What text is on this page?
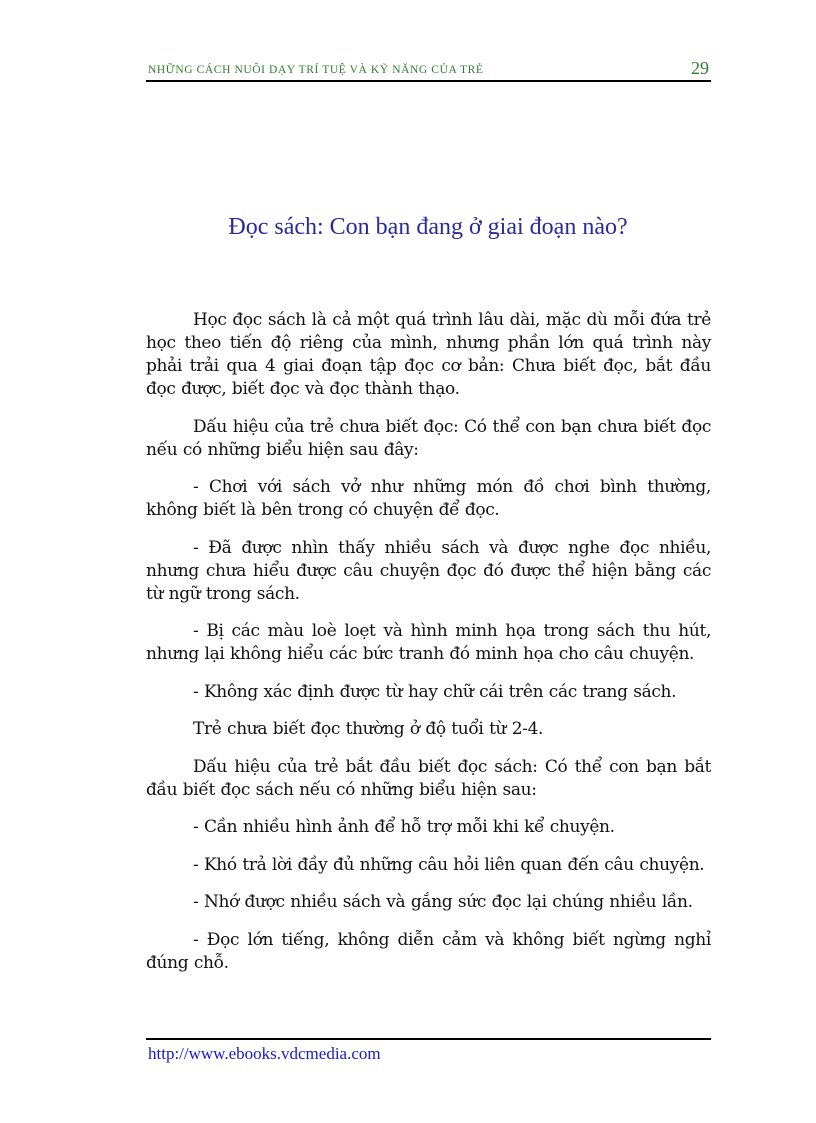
NHỮNG CÁCH NUÔI DẠY TRÍ TUỆ VÀ KỸ NĂNG CỦA TRẺ	29
Đọc sách: Con bạn đang ở giai đoạn nào?

Học đọc sách là cả một quá trình lâu dài, mặc dù mỗi đứa trẻ học theo tiến độ riêng của mình, nhưng phần lớn quá trình này phải trải qua 4 giai đoạn tập đọc cơ bản: Chưa biết đọc, bắt đầu đọc được, biết đọc và đọc thành thạo.

Dấu hiệu của trẻ chưa biết đọc: Có thể con bạn chưa biết đọc nếu có những biểu hiện sau đây:

- Chơi với sách vở như những món đồ chơi bình thường, không biết là bên trong có chuyện để đọc.

- Đã được nhìn thấy nhiều sách và được nghe đọc nhiều, nhưng chưa hiểu được câu chuyện đọc đó được thể hiện bằng các từ ngữ trong sách.

- Bị các màu loè loẹt và hình minh họa trong sách thu hút, nhưng lại không hiểu các bức tranh đó minh họa cho câu chuyện.

- Không xác định được từ hay chữ cái trên các trang sách.

Trẻ chưa biết đọc thường ở độ tuổi từ 2-4.

Dấu hiệu của trẻ bắt đầu biết đọc sách: Có thể con bạn bắt đầu biết đọc sách nếu có những biểu hiện sau:

- Cần nhiều hình ảnh để hỗ trợ mỗi khi kể chuyện.

- Khó trả lời đầy đủ những câu hỏi liên quan đến câu chuyện.

- Nhớ được nhiều sách và gắng sức đọc lại chúng nhiều lần.

- Đọc lớn tiếng, không diễn cảm và không biết ngừng nghỉ đúng chỗ.

http://www.ebooks.vdcmedia.com
